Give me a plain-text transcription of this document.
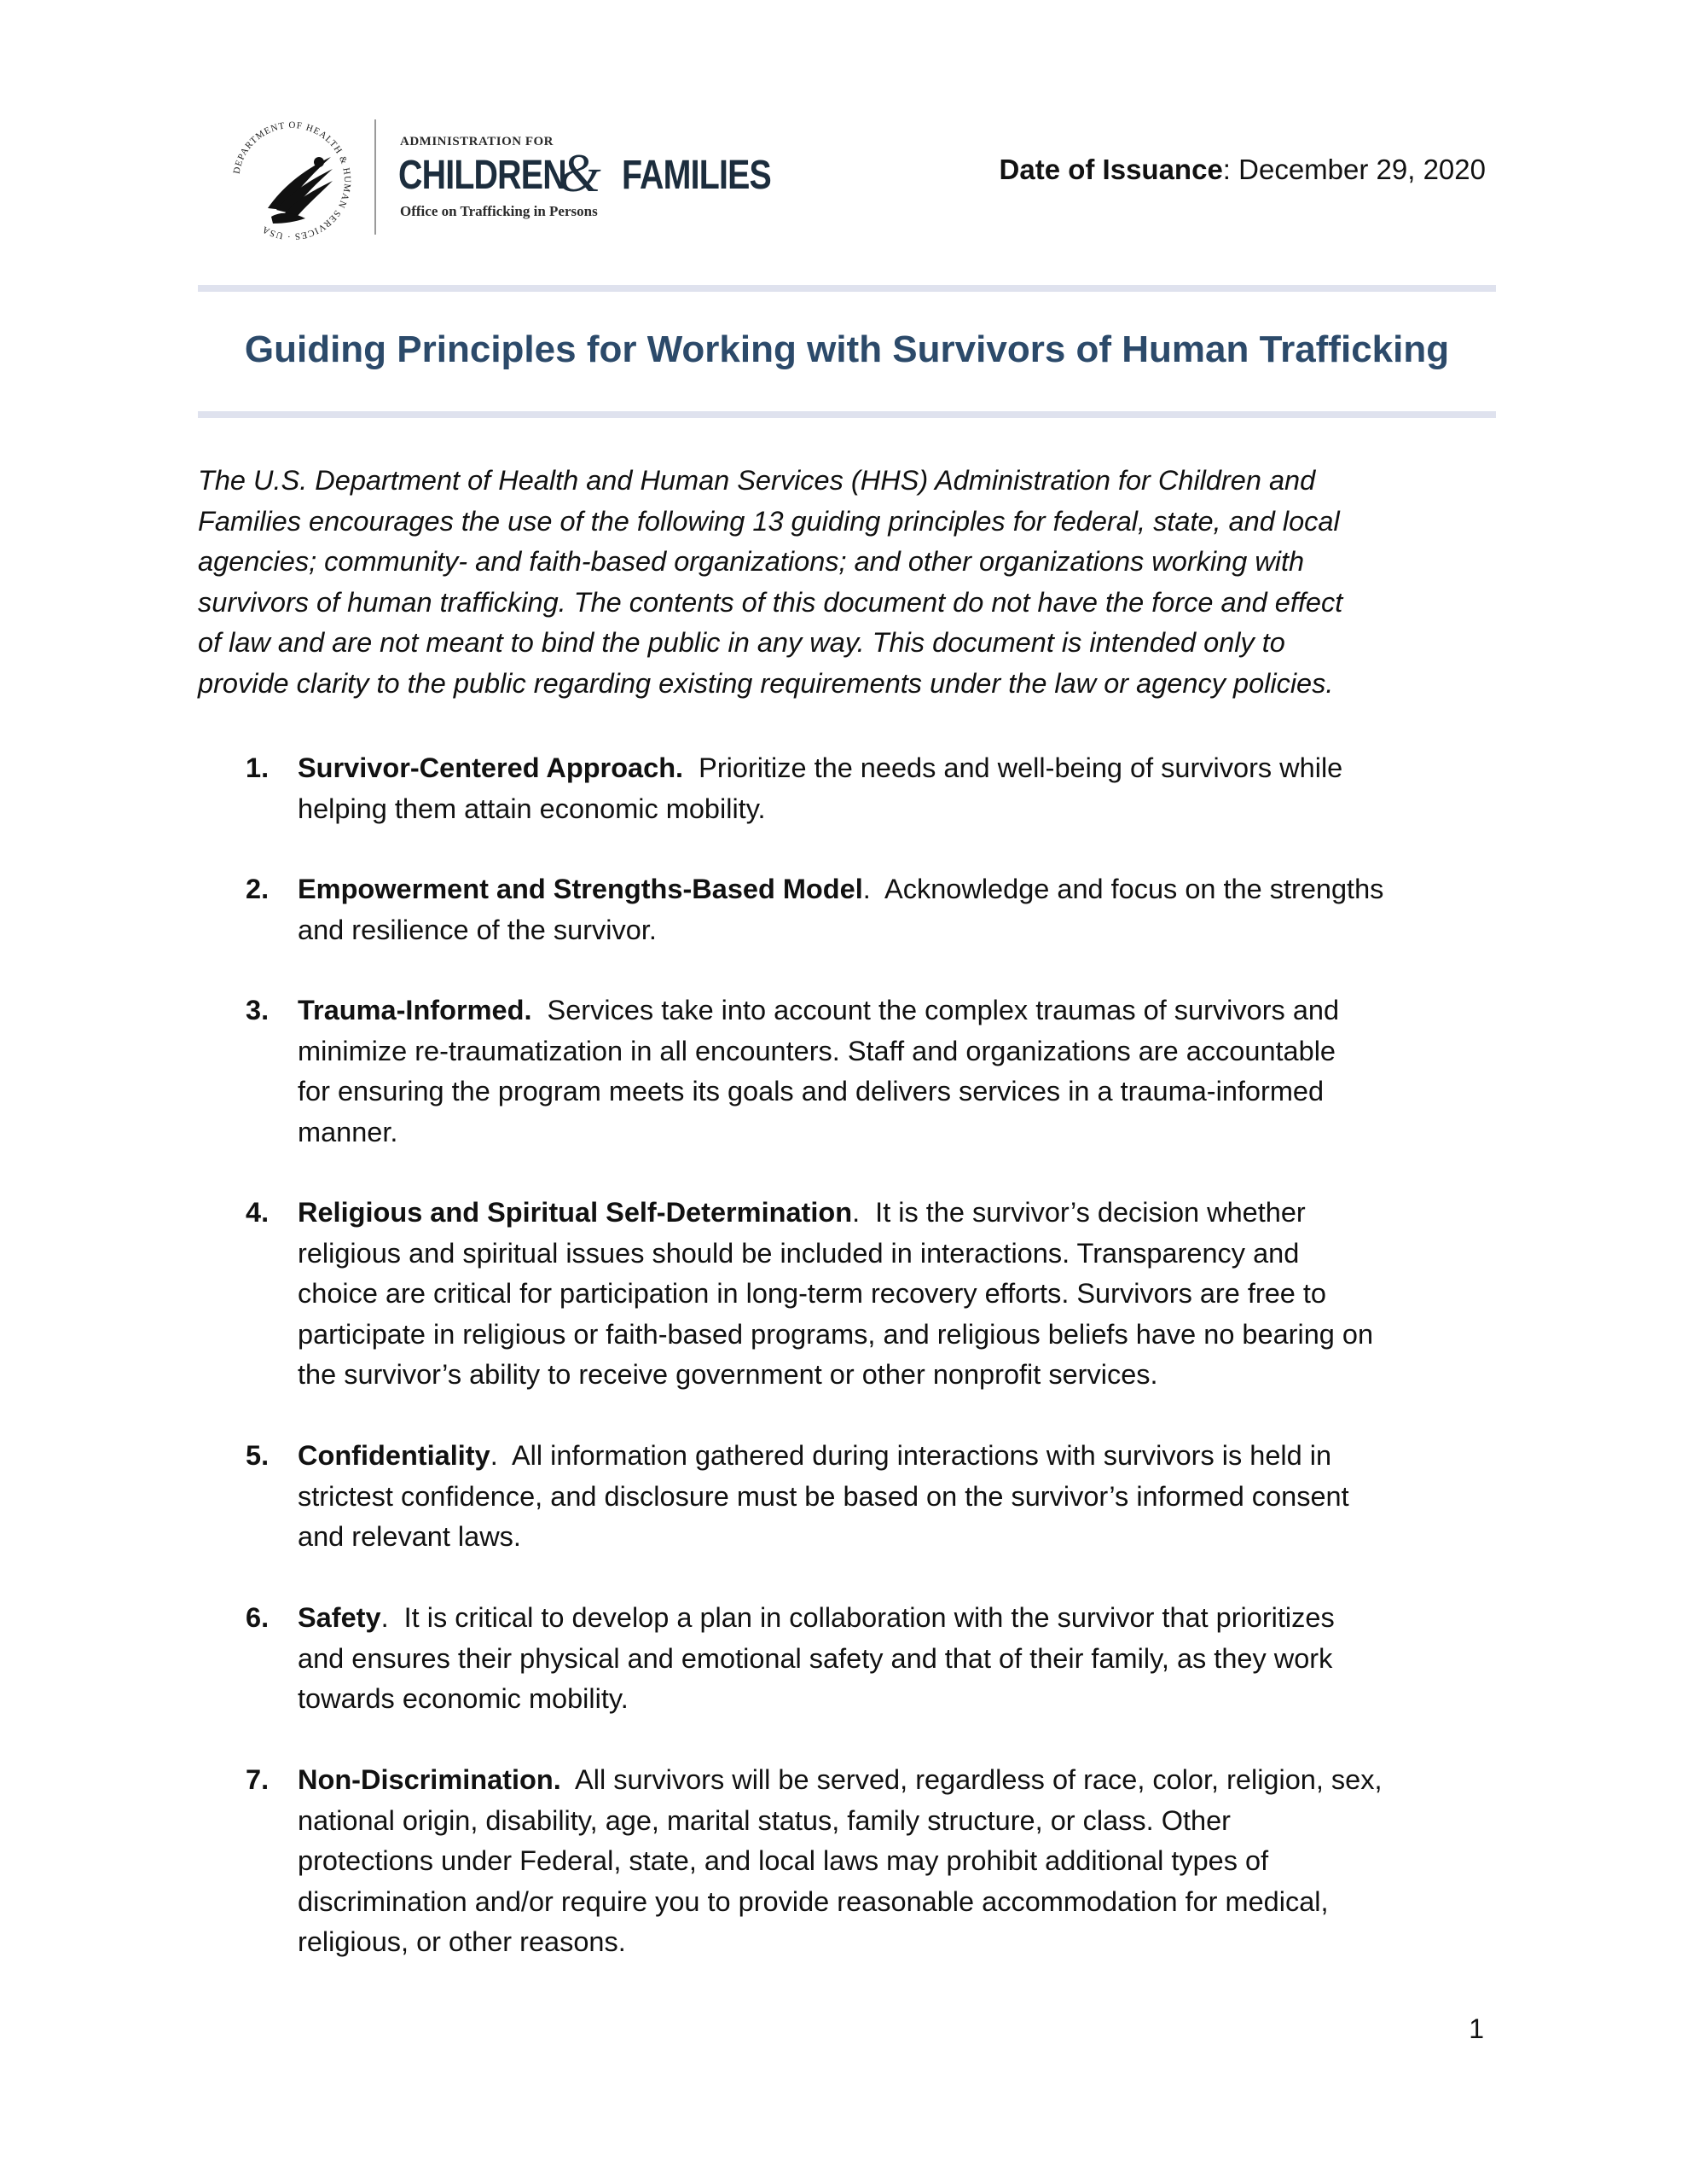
DEPARTMENT OF HEALTH & HUMAN SERVICES · USA
ADMINISTRATION FOR
CHILDREN
& FAMILIES
Office on Trafficking in Persons
Date of Issuance: December 29, 2020
Guiding Principles for Working with Survivors of Human Trafficking
The U.S. Department of Health and Human Services (HHS) Administration for Children and
Families encourages the use of the following 13 guiding principles for federal, state, and local
agencies; community- and faith-based organizations; and other organizations working with
survivors of human trafficking. The contents of this document do not have the force and effect
of law and are not meant to bind the public in any way. This document is intended only to
provide clarity to the public regarding existing requirements under the law or agency policies.
1. Survivor-Centered Approach.  Prioritize the needs and well-being of survivors while
helping them attain economic mobility.
2. Empowerment and Strengths-Based Model.  Acknowledge and focus on the strengths
and resilience of the survivor.
3. Trauma-Informed.  Services take into account the complex traumas of survivors and
minimize re-traumatization in all encounters. Staff and organizations are accountable
for ensuring the program meets its goals and delivers services in a trauma-informed
manner.
4. Religious and Spiritual Self-Determination.  It is the survivor’s decision whether
religious and spiritual issues should be included in interactions. Transparency and
choice are critical for participation in long-term recovery efforts. Survivors are free to
participate in religious or faith-based programs, and religious beliefs have no bearing on
the survivor’s ability to receive government or other nonprofit services.
5. Confidentiality.  All information gathered during interactions with survivors is held in
strictest confidence, and disclosure must be based on the survivor’s informed consent
and relevant laws.
6. Safety.  It is critical to develop a plan in collaboration with the survivor that prioritizes
and ensures their physical and emotional safety and that of their family, as they work
towards economic mobility.
7. Non-Discrimination.  All survivors will be served, regardless of race, color, religion, sex,
national origin, disability, age, marital status, family structure, or class. Other
protections under Federal, state, and local laws may prohibit additional types of
discrimination and/or require you to provide reasonable accommodation for medical,
religious, or other reasons.
1
